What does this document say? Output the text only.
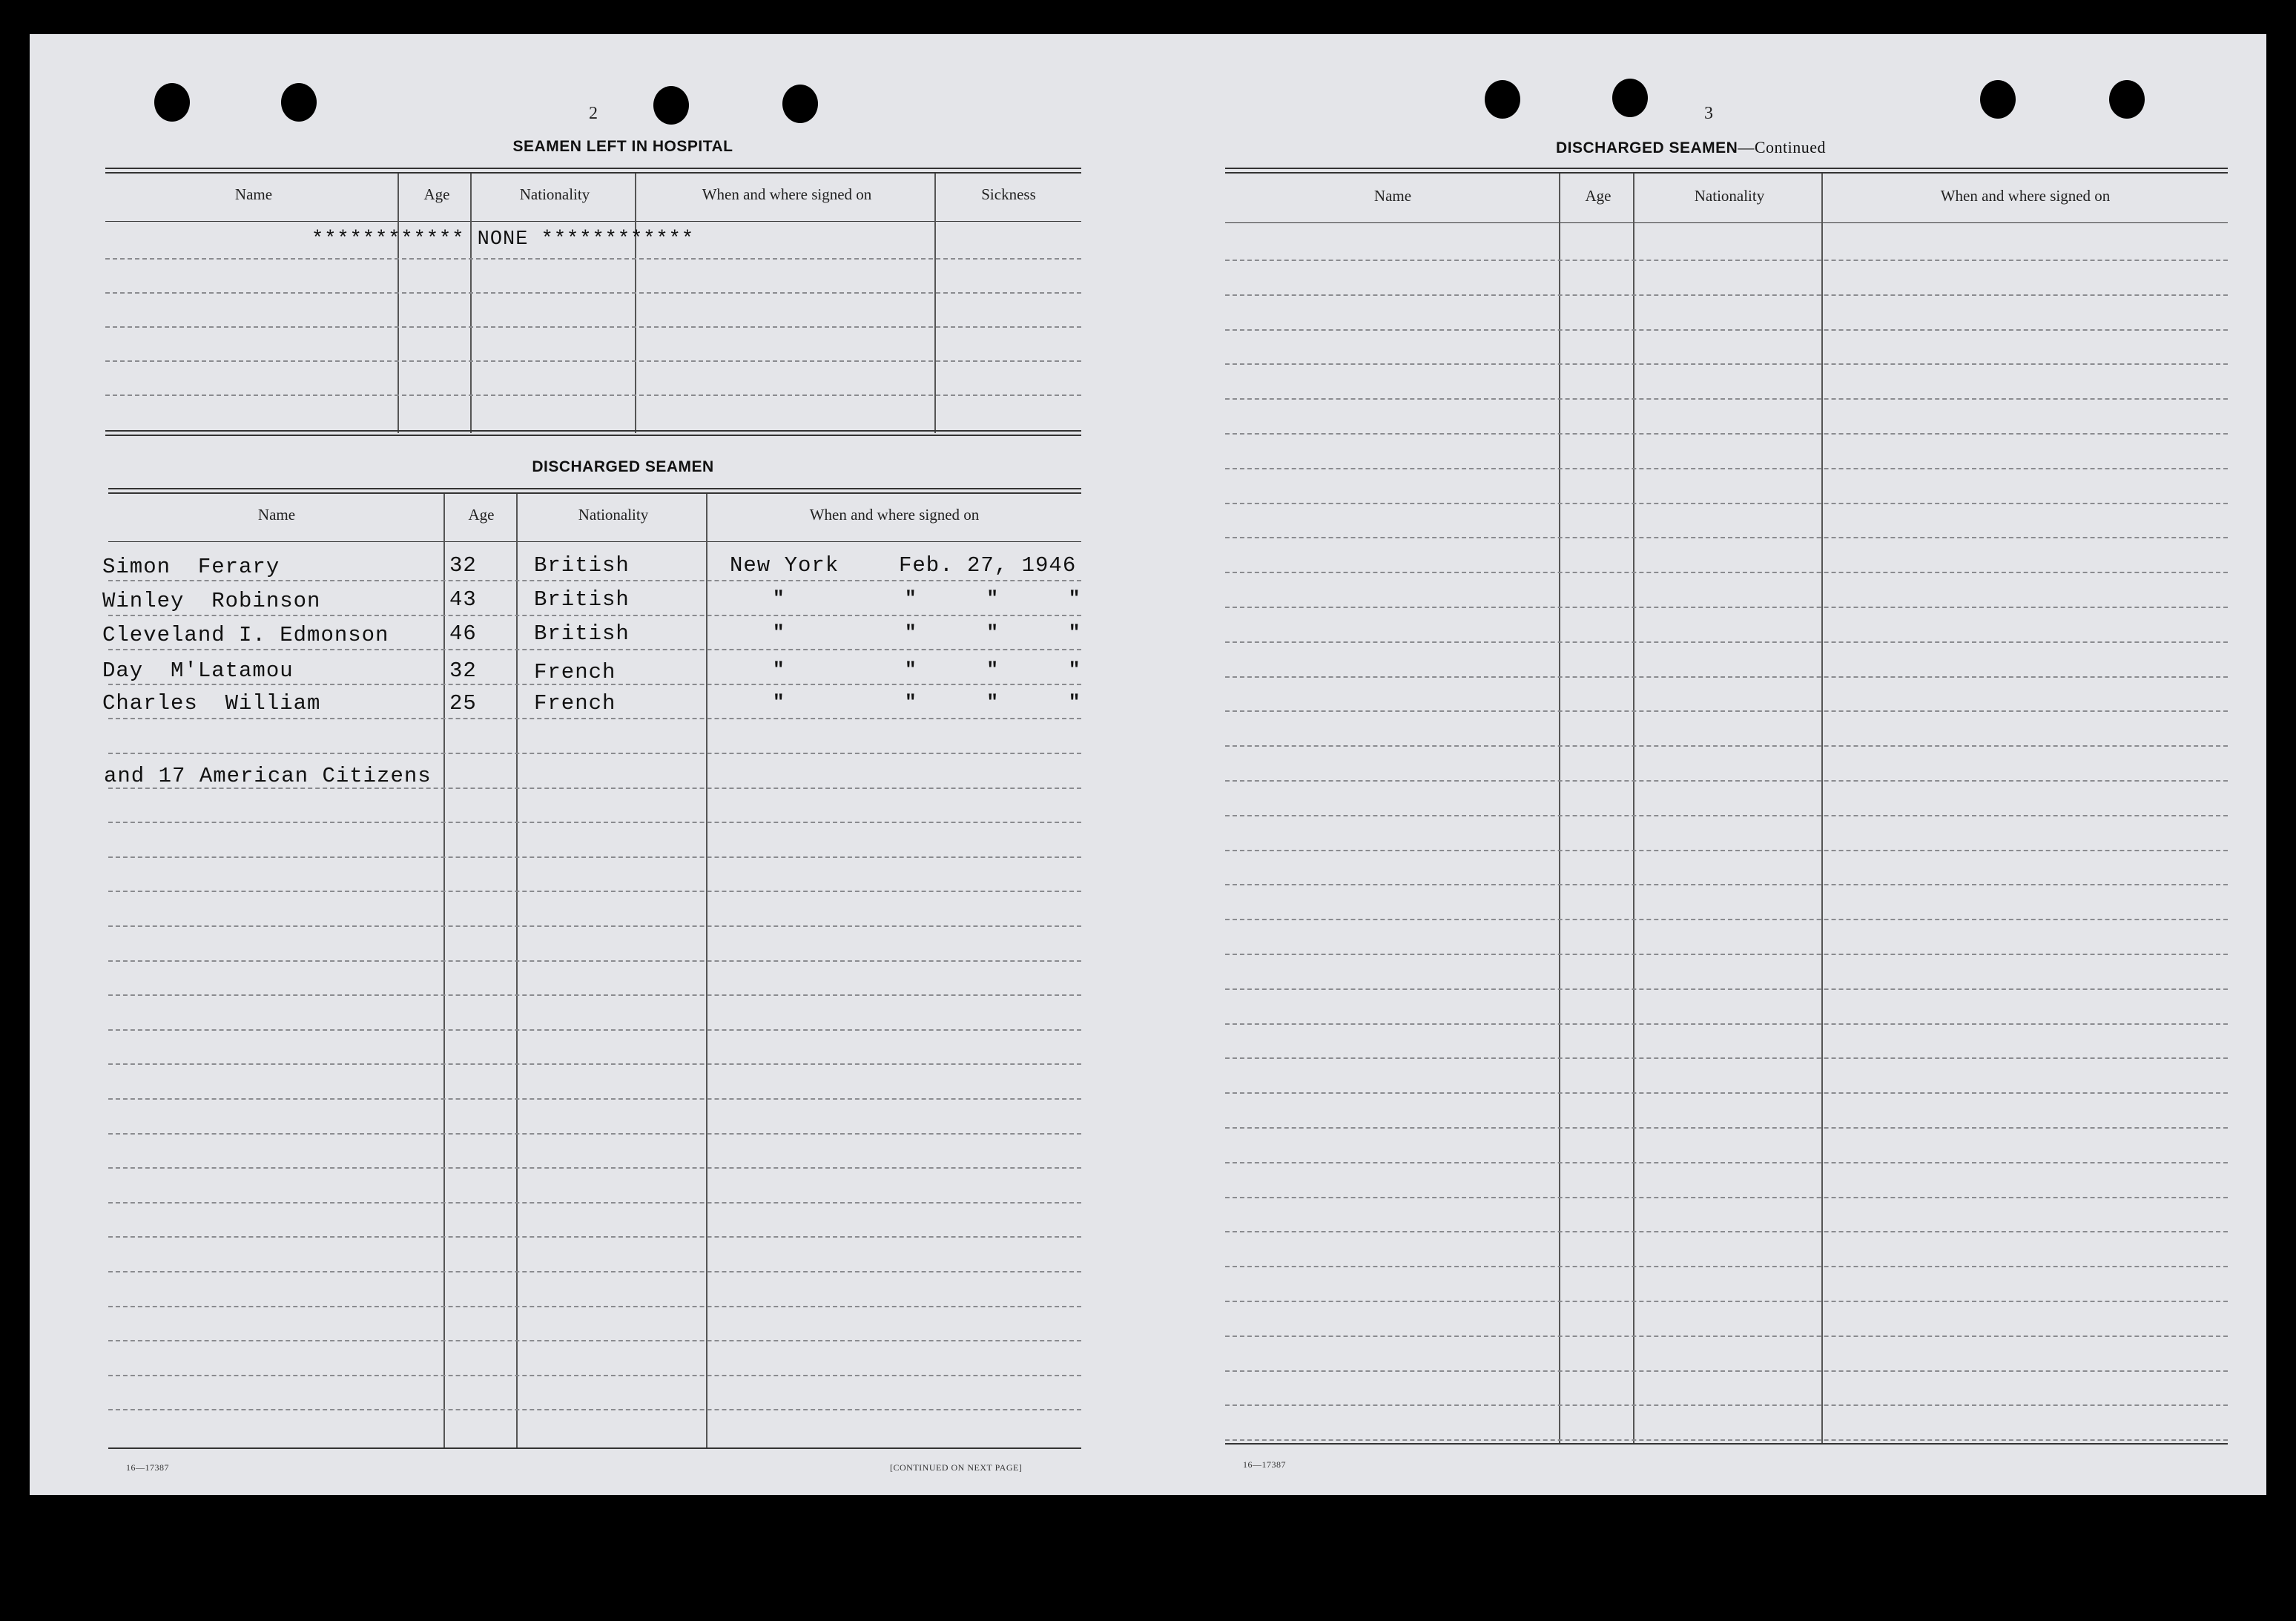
2
SEAMEN LEFT IN HOSPITAL
Name	Age	Nationality	When and where signed on	Sickness
************ NONE ************
DISCHARGED SEAMEN
Name	Age	Nationality	When and where signed on
Simon  Ferary	32	British	New York	Feb. 27, 1946
Winley  Robinson	43	British	"	"   "   "
Cleveland I. Edmonson	46	British	"	"   "   "
Day  M'Latamou	32	French	"	"   "   "
Charles  William	25	French	"	"   "   "
and 17 American Citizens
16—17387	[CONTINUED ON NEXT PAGE]
3
DISCHARGED SEAMEN—Continued
Name	Age	Nationality	When and where signed on
16—17387
